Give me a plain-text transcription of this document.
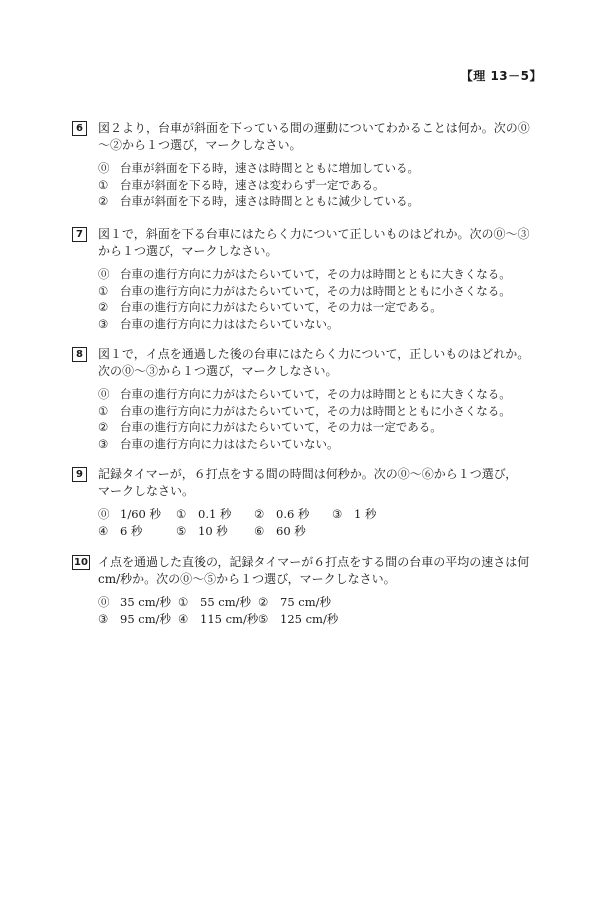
【理 13－5】
6	図２より，台車が斜面を下っている間の運動についてわかることは何か。次の⓪
～②から１つ選び，マークしなさい。
⓪ 台車が斜面を下る時，速さは時間とともに増加している。
① 台車が斜面を下る時，速さは変わらず一定である。
② 台車が斜面を下る時，速さは時間とともに減少している。
7	図１で，斜面を下る台車にはたらく力について正しいものはどれか。次の⓪～③
から１つ選び，マークしなさい。
⓪ 台車の進行方向に力がはたらいていて，その力は時間とともに大きくなる。
① 台車の進行方向に力がはたらいていて，その力は時間とともに小さくなる。
② 台車の進行方向に力がはたらいていて，その力は一定である。
③ 台車の進行方向に力ははたらいていない。
8	図１で，イ点を通過した後の台車にはたらく力について，正しいものはどれか。
次の⓪～③から１つ選び，マークしなさい。
⓪ 台車の進行方向に力がはたらいていて，その力は時間とともに大きくなる。
① 台車の進行方向に力がはたらいていて，その力は時間とともに小さくなる。
② 台車の進行方向に力がはたらいていて，その力は一定である。
③ 台車の進行方向に力ははたらいていない。
9	記録タイマーが，６打点をする間の時間は何秒か。次の⓪～⑥から１つ選び，
マークしなさい。
⓪ 1/60 秒	① 0.1 秒	② 0.6 秒	③ 1 秒
④ 6 秒	⑤ 10 秒	⑥ 60 秒
10 イ点を通過した直後の，記録タイマーが６打点をする間の台車の平均の速さは何
cm/秒か。次の⓪～⑤から１つ選び，マークしなさい。
⓪ 35 cm/秒 ① 55 cm/秒 ② 75 cm/秒
③ 95 cm/秒 ④ 115 cm/秒 ⑤ 125 cm/秒
